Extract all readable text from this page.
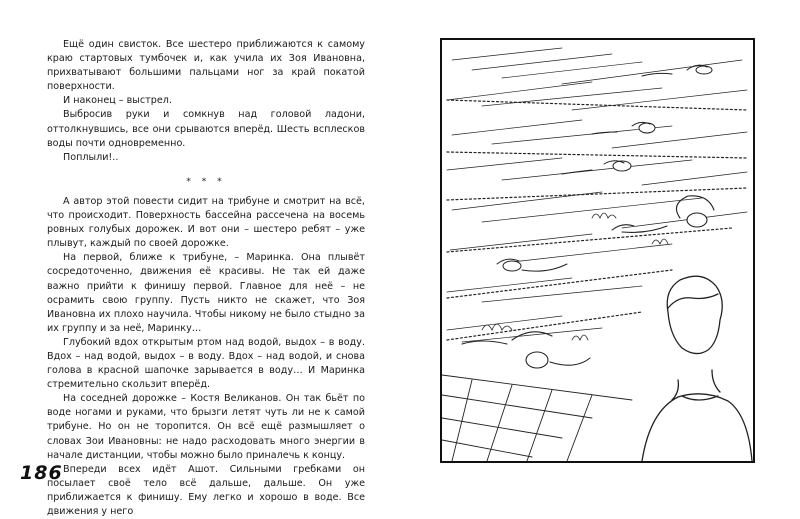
Ещё один свисток. Все шестеро приближаются к самому краю стартовых тумбочек и, как учила их Зоя Ивановна, прихватывают большими пальцами ног за край покатой поверхности.

И наконец – выстрел.

Выбросив руки и сомкнув над головой ладони, оттолкнувшись, все они срываются вперёд. Шесть всплесков воды почти одновременно.

Поплыли!..

* * *

А автор этой повести сидит на трибуне и смотрит на всё, что происходит. Поверхность бассейна рассечена на восемь ровных голубых дорожек. И вот они – шестеро ребят – уже плывут, каждый по своей дорожке.

На первой, ближе к трибуне, – Маринка. Она плывёт сосредоточенно, движения её красивы. Не так ей даже важно прийти к финишу первой. Главное для неё – не осрамить свою группу. Пусть никто не скажет, что Зоя Ивановна их плохо научила. Чтобы никому не было стыдно за их группу и за неё, Маринку…

Глубокий вдох открытым ртом над водой, выдох – в воду. Вдох – над водой, выдох – в воду. Вдох – над водой, и снова голова в красной шапочке зарывается в воду… И Маринка стремительно скользит вперёд.

На соседней дорожке – Костя Великанов. Он так бьёт по воде ногами и руками, что брызги летят чуть ли не к самой трибуне. Но он не торопится. Он всё ещё размышляет о словах Зои Ивановны: не надо расходовать много энергии в начале дистанции, чтобы можно было приналечь к концу.

Впереди всех идёт Ашот. Сильными гребками он посылает своё тело всё дальше, дальше. Он уже приближается к финишу. Ему легко и хорошо в воде. Все движения у него

186
